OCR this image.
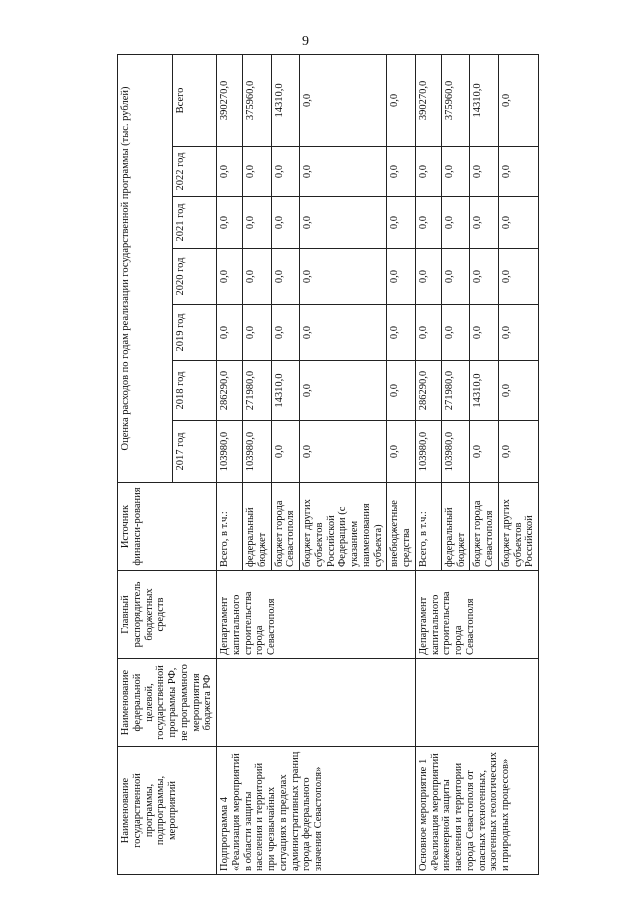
9
Наименование государственной программы, подпрограммы, мероприятий	Наименование федеральной целевой, государственной программы РФ, не программного мероприятия бюджета РФ	Главный распорядитель бюджетных средств	Источник финанси-рования	Оценка расходов по годам реализации государственной программы (тыс. рублей)						
				2017 год	2018 год	2019 год	2020 год	2021 год	2022 год	Всего
Подпрограмма 4 «Реализация мероприятий в области защиты населения и территорий при чрезвычайных ситуациях в пределах административных границ города федерального значения Севастополя»		Департамент капитального строительства города Севастополя	Всего, в т.ч.:	103980,0	286290,0	0,0	0,0	0,0	0,0	390270,0
			федеральный бюджет	103980,0	271980,0	0,0	0,0	0,0	0,0	375960,0
			бюджет города Севастополя	0,0	14310,0	0,0	0,0	0,0	0,0	14310,0
			бюджет других субъектов Российской Федерации (с указанием наименования субъекта)	0,0	0,0	0,0	0,0	0,0	0,0	0,0
			внебюджетные средства	0,0	0,0	0,0	0,0	0,0	0,0	0,0
Основное мероприятие 1 «Реализация мероприятий инженерной защиты населения и территории города Севастополя от опасных техногенных, экзогенных геологических и природных процессов»		Департамент капитального строительства города Севастополя	Всего, в т.ч.:	103980,0	286290,0	0,0	0,0	0,0	0,0	390270,0
			федеральный бюджет	103980,0	271980,0	0,0	0,0	0,0	0,0	375960,0
			бюджет города Севастополя	0,0	14310,0	0,0	0,0	0,0	0,0	14310,0
			бюджет других субъектов Российской	0,0	0,0	0,0	0,0	0,0	0,0	0,0
